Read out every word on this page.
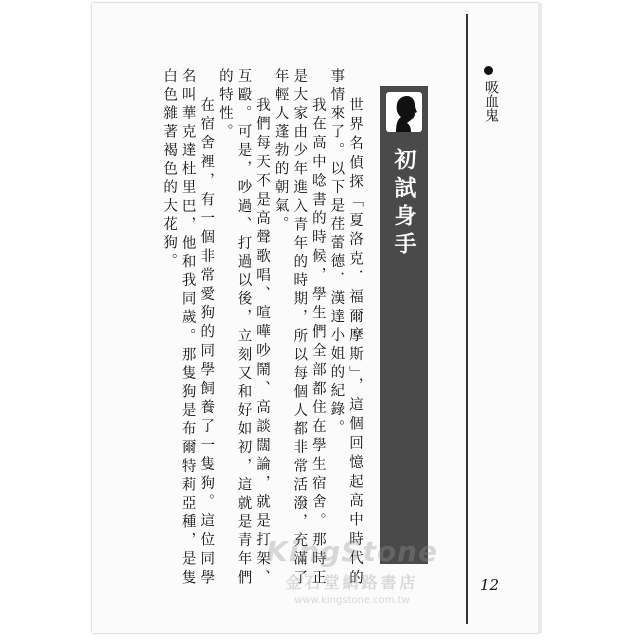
吸血鬼
12
初試身手

世界名偵探「夏洛克．福爾摩斯」，這個回憶起高中時代的事情來了。以下是荏蕾德．漢達小姐的紀錄。

我在高中唸書的時候，學生們全部都住在學生宿舍。那時正是大家由少年進入青年的時期，所以每個人都非常活潑，充滿了年輕人蓬勃的朝氣。

我們每天不是高聲歌唱、喧嘩吵鬧、高談闊論，就是打架、互毆。可是，吵過、打過以後，立刻又和好如初，這就是青年們的特性。

在宿舍裡，有一個非常愛狗的同學飼養了一隻狗。這位同學名叫華克達杜里巴，他和我同歲。那隻狗是布爾特莉亞種，是隻白色雜著褐色的大花狗。

KingStone
金石堂網路書店
www.kingstone.com.tw
